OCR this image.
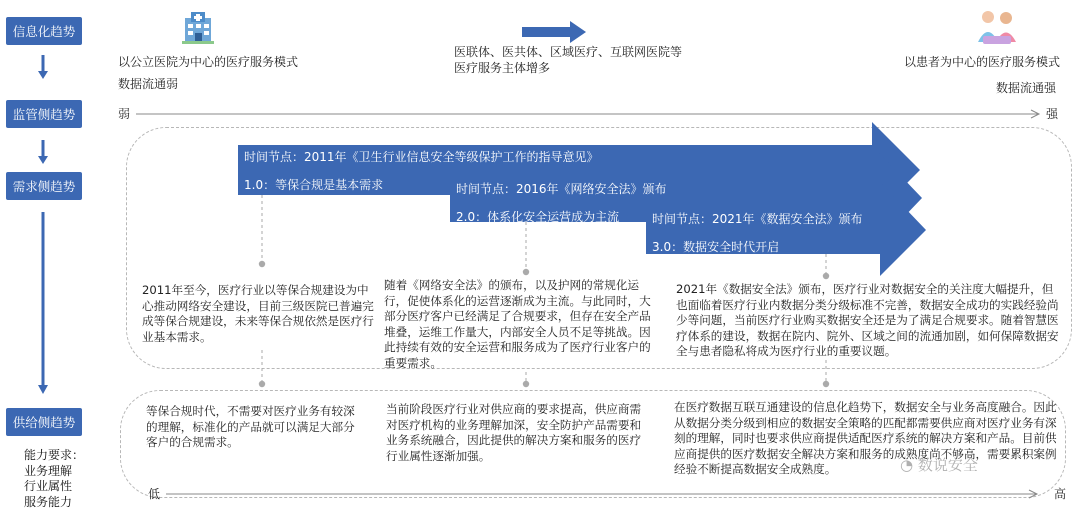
信息化趋势
监管侧趋势
需求侧趋势
供给侧趋势
能力要求：
业务理解
行业属性
服务能力
以公立医院为中心的医疗服务模式
数据流通弱
医联体、医共体、区域医疗、互联网医院等
医疗服务主体增多	以患者为中心的医疗服务模式
数据流通强
弱	强
时间节点：2011年《卫生行业信息安全等级保护工作的指导意见》
1.0：等保合规是基本需求	时间节点：2016年《网络安全法》颁布
2.0：体系化安全运营成为主流	时间节点：2021年《数据安全法》颁布
3.0：数据安全时代开启
2011年至今，医疗行业以等保合规建设为中心推动网络安全建设，目前三级医院已普遍完成等保合规建设，未来等保合规依然是医疗行业基本需求。
随着《网络安全法》的颁布，以及护网的常规化运行，促使体系化的运营逐渐成为主流。与此同时，大部分医疗客户已经满足了合规要求，但存在安全产品堆叠，运维工作量大，内部安全人员不足等挑战。因此持续有效的安全运营和服务成为了医疗行业客户的重要需求。
2021年《数据安全法》颁布，医疗行业对数据安全的关注度大幅提升，但也面临着医疗行业内数据分类分级标准不完善，数据安全成功的实践经验尚少等问题，当前医疗行业购买数据安全还是为了满足合规要求。随着智慧医疗体系的建设，数据在院内、院外、区域之间的流通加剧，如何保障数据安全与患者隐私将成为医疗行业的重要议题。
等保合规时代，不需要对医疗业务有较深的理解，标准化的产品就可以满足大部分客户的合规需求。
当前阶段医疗行业对供应商的要求提高，供应商需对医疗机构的业务理解加深，安全防护产品需要和业务系统融合，因此提供的解决方案和服务的医疗行业属性逐渐加强。
在医疗数据互联互通建设的信息化趋势下，数据安全与业务高度融合。因此从数据分类分级到相应的数据安全策略的匹配都需要供应商对医疗业务有深刻的理解，同时也要求供应商提供适配医疗系统的解决方案和产品。目前供应商提供的医疗数据安全解决方案和服务的成熟度尚不够高，需要累积案例经验不断提高数据安全成熟度。
低	高
◔ 数说安全
